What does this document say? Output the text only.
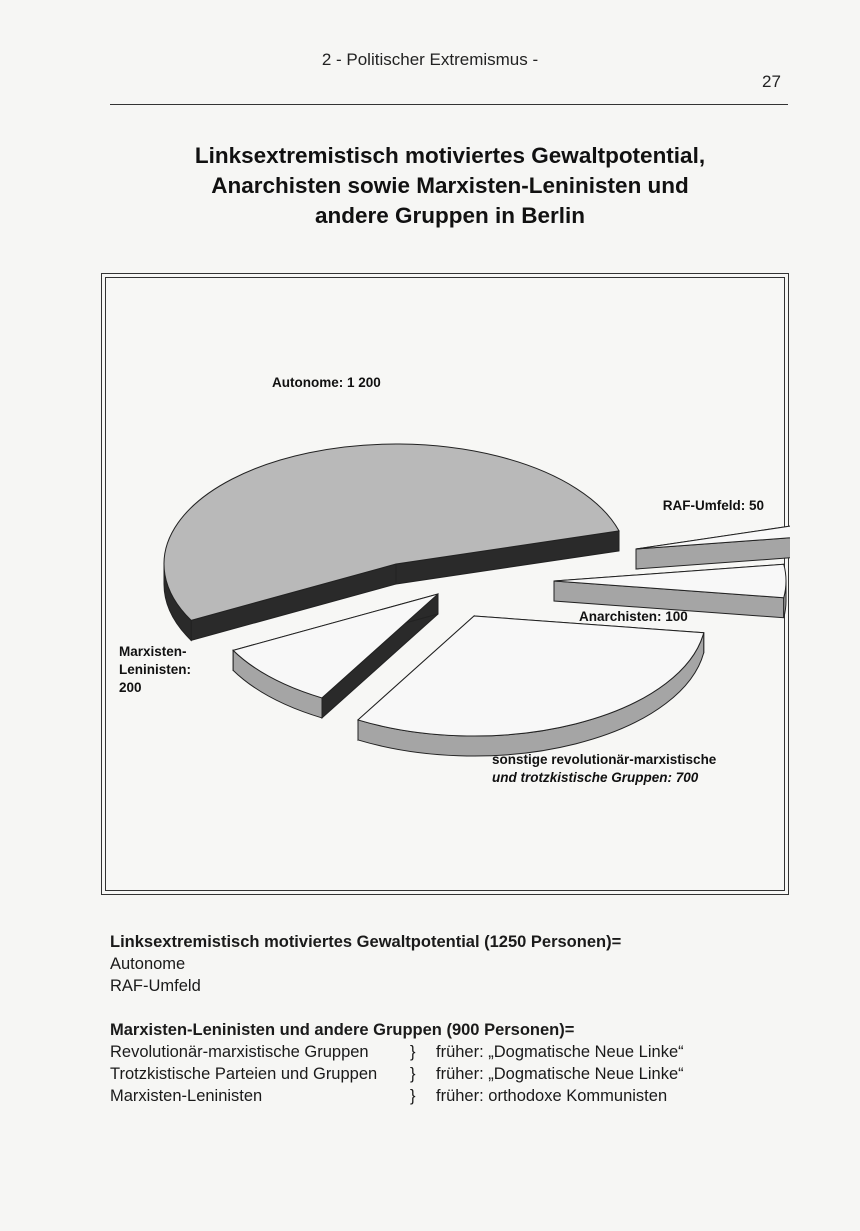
2 - Politischer Extremismus -
27
Linksextremistisch motiviertes Gewaltpotential,
Anarchisten sowie Marxisten-Leninisten und
andere Gruppen in Berlin
Autonome: 1 200
RAF-Umfeld: 50
Anarchisten: 100
sonstige revolutionär-marxistische und trotzkistische Gruppen: 700
Marxisten-Leninisten: 200
Linksextremistisch motiviertes Gewaltpotential (1250 Personen)=
Autonome
RAF-Umfeld
Marxisten-Leninisten und andere Gruppen (900 Personen)=
Revolutionär-marxistische Gruppen	}	früher: „Dogmatische Neue Linke“
Trotzkistische Parteien und Gruppen	}	früher: „Dogmatische Neue Linke“
Marxisten-Leninisten	}	früher: orthodoxe Kommunisten
